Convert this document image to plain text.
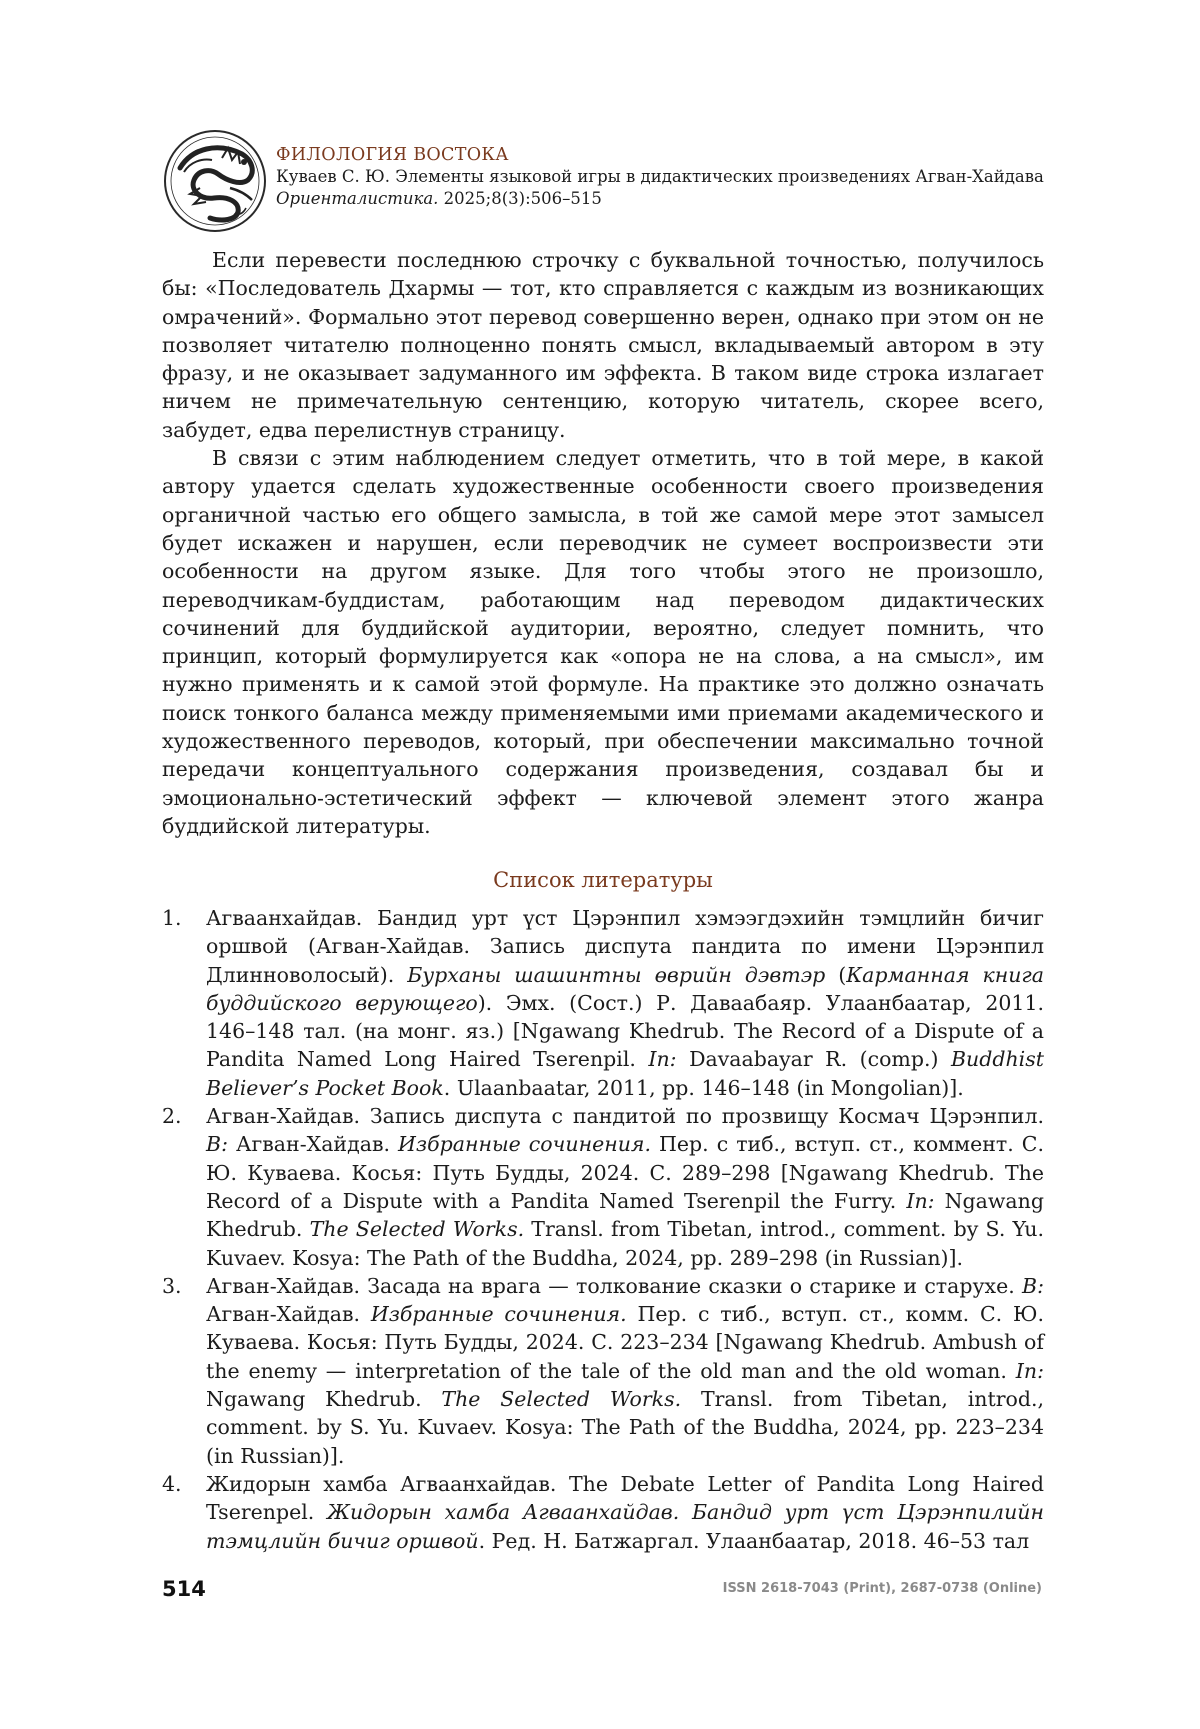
ФИЛОЛОГИЯ ВОСТОКА
Куваев С. Ю. Элементы языковой игры в дидактических произведениях Агван-Хайдава
Ориенталистика. 2025;8(3):506–515

Если перевести последнюю строчку с буквальной точностью, получилось бы: «Последователь Дхармы — тот, кто справляется с каждым из возникающих омрачений». Формально этот перевод совершенно верен, однако при этом он не позволяет читателю полноценно понять смысл, вкладываемый автором в эту фразу, и не оказывает задуманного им эффекта. В таком виде строка излагает ничем не примечательную сентенцию, которую читатель, скорее всего, забудет, едва перелистнув страницу.

В связи с этим наблюдением следует отметить, что в той мере, в какой автору удается сделать художественные особенности своего произведения органичной частью его общего замысла, в той же самой мере этот замысел будет искажен и нарушен, если переводчик не сумеет воспроизвести эти особенности на другом языке. Для того чтобы этого не произошло, переводчикам-буддистам, работающим над переводом дидактических сочинений для буддийской аудитории, вероятно, следует помнить, что принцип, который формулируется как «опора не на слова, а на смысл», им нужно применять и к самой этой формуле. На практике это должно означать поиск тонкого баланса между применяемыми ими приемами академического и художественного переводов, который, при обеспечении максимально точной передачи концептуального содержания произведения, создавал бы и эмоционально-эстетический эффект — ключевой элемент этого жанра буддийской литературы.

Список литературы
1. Агваанхайдав. Бандид урт үст Цэрэнпил хэмээгдэхийн тэмцлийн бичиг оршвой (Агван-Хайдав. Запись диспута пандита по имени Цэрэнпил Длинноволосый). Бурханы шашинтны өврийн дэвтэр (Карманная книга буддийского верующего). Эмх. (Сост.) Р. Даваабаяр. Улаанбаатар, 2011. 146–148 тал. (на монг. яз.) [Ngawang Khedrub. The Record of a Dispute of a Pandita Named Long Haired Tserenpil. In: Davaabayar R. (comp.) Buddhist Believer’s Pocket Book. Ulaanbaatar, 2011, pp. 146–148 (in Mongolian)].
2. Агван-Хайдав. Запись диспута с пандитой по прозвищу Космач Цэрэнпил. В: Агван-Хайдав. Избранные сочинения. Пер. с тиб., вступ. ст., коммент. С. Ю. Куваева. Косья: Путь Будды, 2024. С. 289–298 [Ngawang Khedrub. The Record of a Dispute with a Pandita Named Tserenpil the Furry. In: Ngawang Khedrub. The Selected Works. Transl. from Tibetan, introd., comment. by S. Yu. Kuvaev. Kosya: The Path of the Buddha, 2024, pp. 289–298 (in Russian)].
3. Агван-Хайдав. Засада на врага — толкование сказки о старике и старухе. В: Агван-Хайдав. Избранные сочинения. Пер. с тиб., вступ. ст., комм. С. Ю. Куваева. Косья: Путь Будды, 2024. С. 223–234 [Ngawang Khedrub. Ambush of the enemy — interpretation of the tale of the old man and the old woman. In: Ngawang Khedrub. The Selected Works. Transl. from Tibetan, introd., comment. by S. Yu. Kuvaev. Kosya: The Path of the Buddha, 2024, pp. 223–234 (in Russian)].
4. Жидорын хамба Агваанхайдав. The Debate Letter of Pandita Long Haired Tserenpel. Жидорын хамба Агваанхайдав. Бандид урт үст Цэрэнпилийн тэмцлийн бичиг оршвой. Ред. Н. Батжаргал. Улаанбаатар, 2018. 46–53 тал
514	ISSN 2618-7043 (Print), 2687-0738 (Online)
